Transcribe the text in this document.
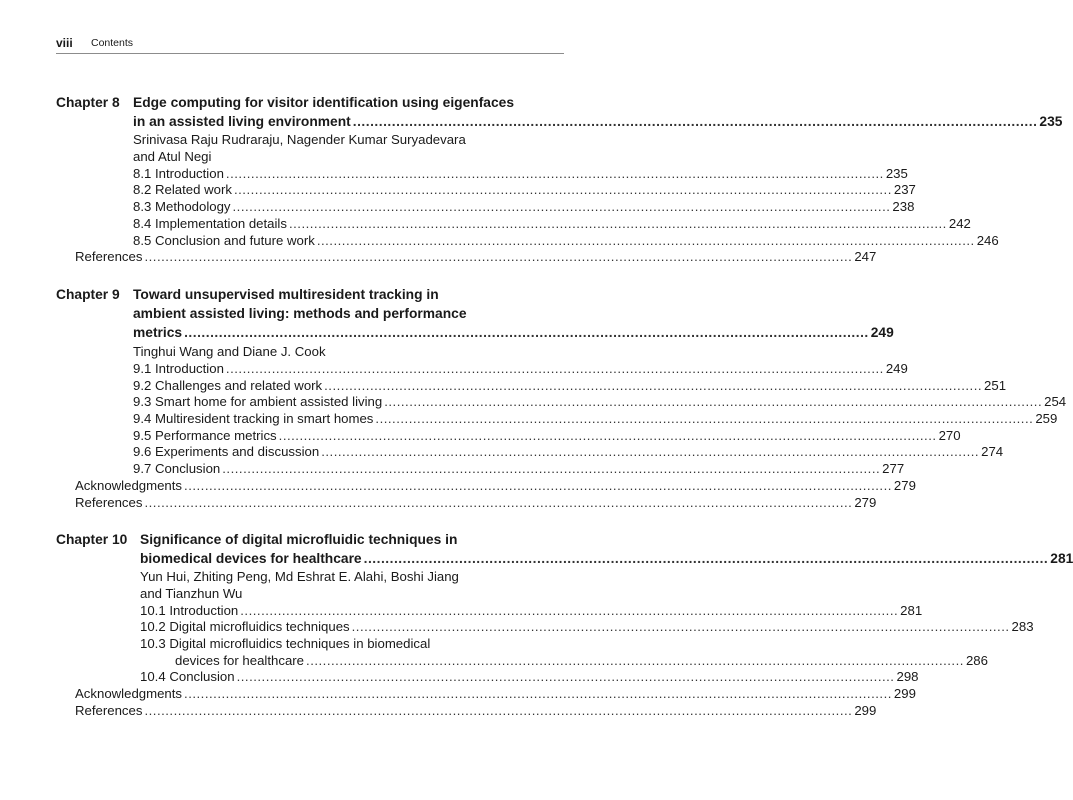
viii Contents
Chapter 8 Edge computing for visitor identification using eigenfaces
in an assisted living environment .............................................................................................................................................................. 235
Srinivasa Raju Rudraraju, Nagender Kumar Suryadevara
and Atul Negi
8.1 Introduction .............................................................................................................................................................. 235
8.2 Related work .............................................................................................................................................................. 237
8.3 Methodology .............................................................................................................................................................. 238
8.4 Implementation details .............................................................................................................................................................. 242
8.5 Conclusion and future work .............................................................................................................................................................. 246
References .......................................................................................................................................................................... 247
Chapter 9 Toward unsupervised multiresident tracking in
ambient assisted living: methods and performance
metrics .............................................................................................................................................................. 249
Tinghui Wang and Diane J. Cook
9.1 Introduction .............................................................................................................................................................. 249
9.2 Challenges and related work .............................................................................................................................................................. 251
9.3 Smart home for ambient assisted living .............................................................................................................................................................. 254
9.4 Multiresident tracking in smart homes .............................................................................................................................................................. 259
9.5 Performance metrics .............................................................................................................................................................. 270
9.6 Experiments and discussion .............................................................................................................................................................. 274
9.7 Conclusion .............................................................................................................................................................. 277
Acknowledgments .......................................................................................................................................................................... 279
References .......................................................................................................................................................................... 279
Chapter 10 Significance of digital microfluidic techniques in
biomedical devices for healthcare .............................................................................................................................................................. 281
Yun Hui, Zhiting Peng, Md Eshrat E. Alahi, Boshi Jiang
and Tianzhun Wu
10.1 Introduction .............................................................................................................................................................. 281
10.2 Digital microfluidics techniques .............................................................................................................................................................. 283
10.3 Digital microfluidics techniques in biomedical
devices for healthcare .............................................................................................................................................................. 286
10.4 Conclusion .............................................................................................................................................................. 298
Acknowledgments .......................................................................................................................................................................... 299
References .......................................................................................................................................................................... 299
